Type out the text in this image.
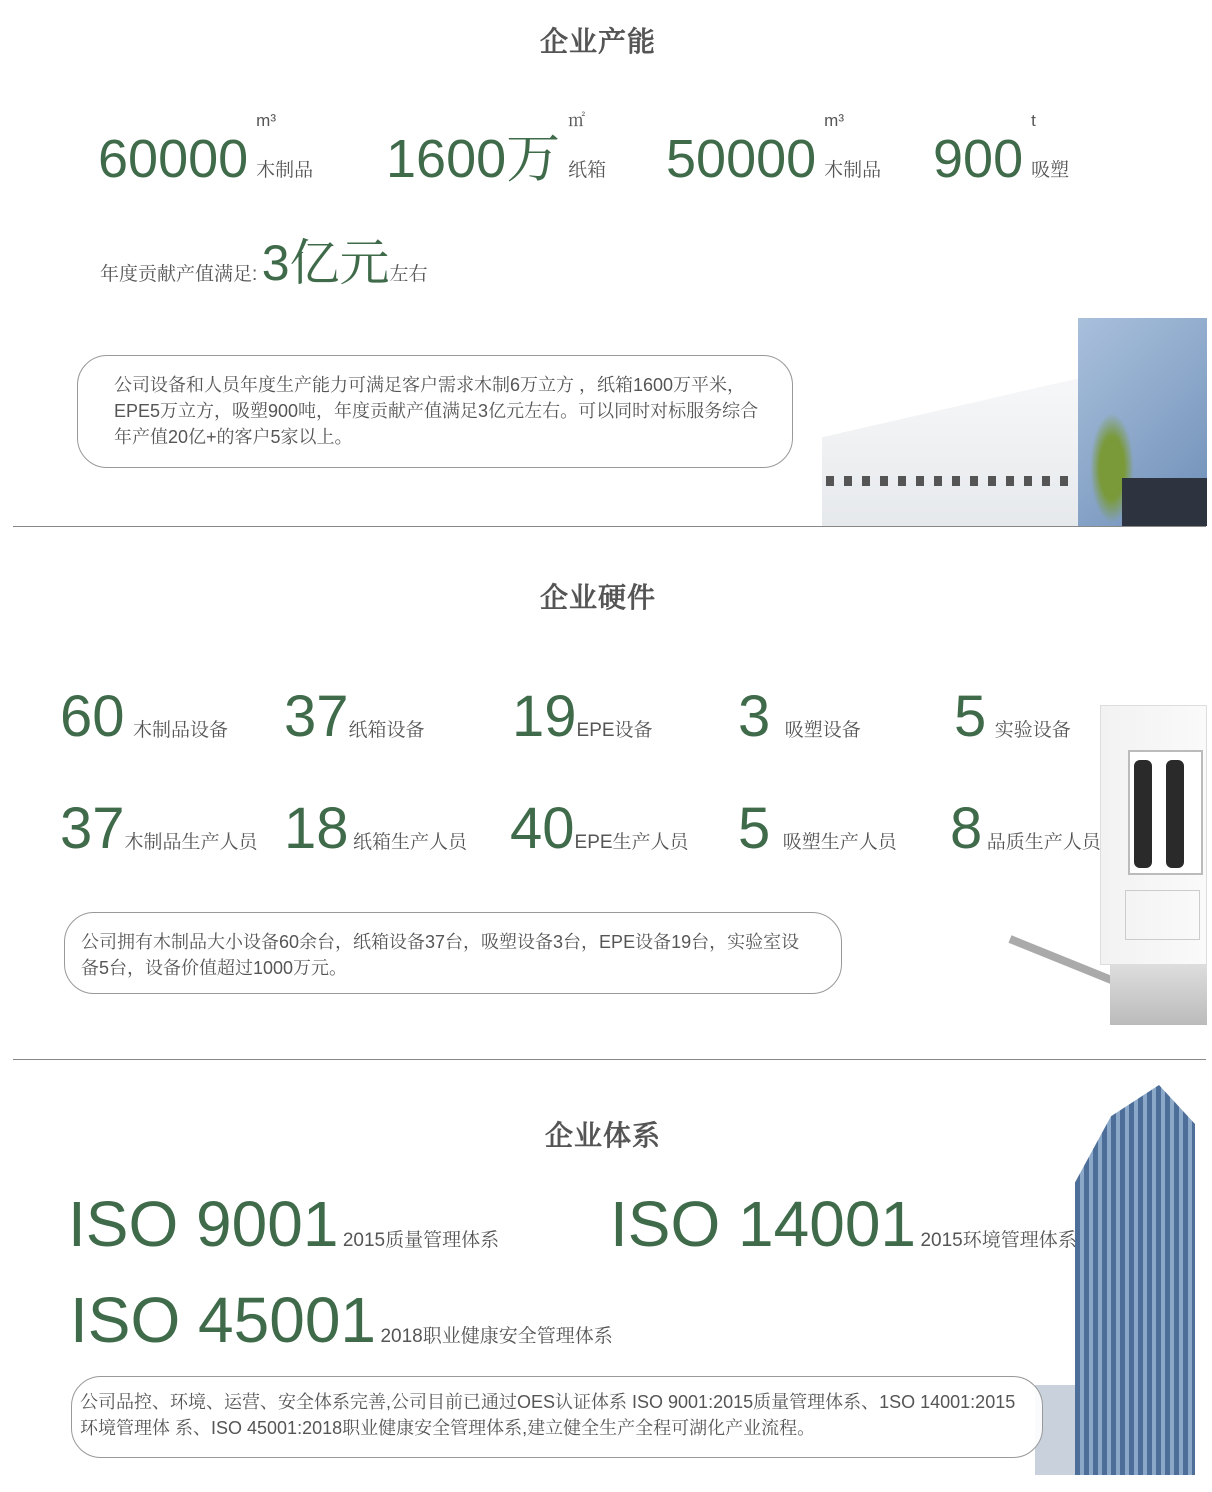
企业产能
60000
m³
木制品 1600万
㎡
纸箱 50000
m³
木制品 900
t
吸塑
年度贡献产值满足: 3亿元左右
公司设备和人员年度生产能力可满足客户需求木制6万立方 ，纸箱1600万平米，EPE5万立方，吸塑900吨，年度贡献产值满足3亿元左右。可以同时对标服务综合年产值20亿+的客户5家以上。
企业硬件
60 木制品设备 37纸箱设备 19EPE设备 3 吸塑设备 5 实验设备
37木制品生产人员 18 纸箱生产人员 40EPE生产人员 5 吸塑生产人员 8 品质生产人员
公司拥有木制品大小设备60余台，纸箱设备37台，吸塑设备3台，EPE设备19台，实验室设备5台，设备价值超过1000万元。
企业体系
ISO 9001 2015质量管理体系 ISO 14001 2015环境管理体系
ISO 45001 2018职业健康安全管理体系
公司品控、环境、运营、安全体系完善,公司目前已通过OES认证体系 ISO 9001:2015质量管理体系、1SO 14001:2015环境管理体 系、ISO 45001:2018职业健康安全管理体系,建立健全生产全程可湖化产业流程。
